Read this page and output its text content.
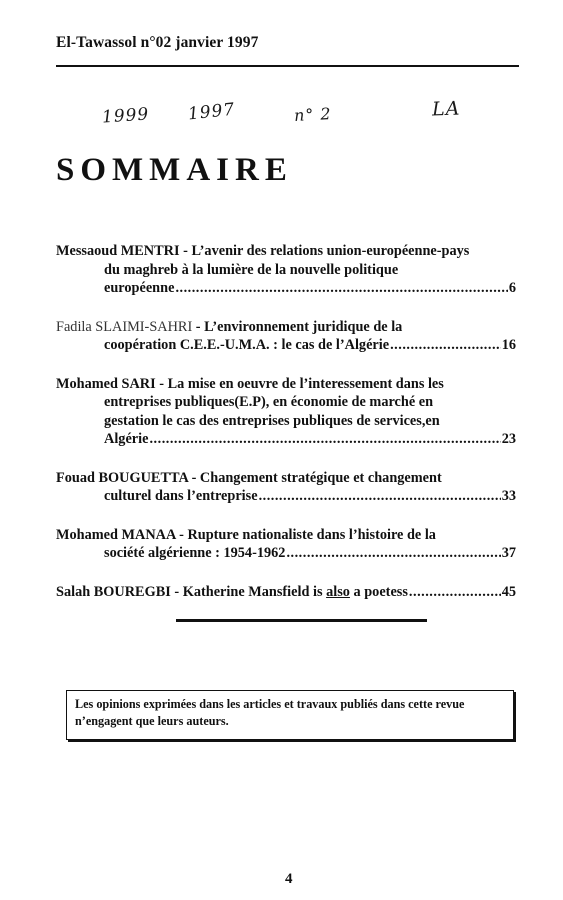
El-Tawassol n°02 janvier 1997
1999 1997	n° 2	LA
SOMMAIRE
Messaoud MENTRI - L’avenir des relations union-européenne-pays
du maghreb à la lumière de la nouvelle politique
européenne .....	6
Fadila SLAIMI-SAHRI - L’environnement juridique de la
coopération C.E.E.-U.M.A. : le cas de l’Algérie .....	16
Mohamed SARI - La mise en oeuvre de l’interessement dans les
entreprises publiques(E.P), en économie de marché en
gestation le cas des entreprises publiques de services,en
Algérie .....	23
Fouad BOUGUETTA - Changement stratégique et changement
culturel dans l’entreprise .....	33
Mohamed MANAA - Rupture nationaliste dans l’histoire de la
société algérienne : 1954-1962 .....	37
Salah BOUREGBI - Katherine Mansfield is also a poetess .....	45
Les opinions exprimées dans les articles et travaux publiés dans cette revue n’engagent que leurs auteurs.
4
